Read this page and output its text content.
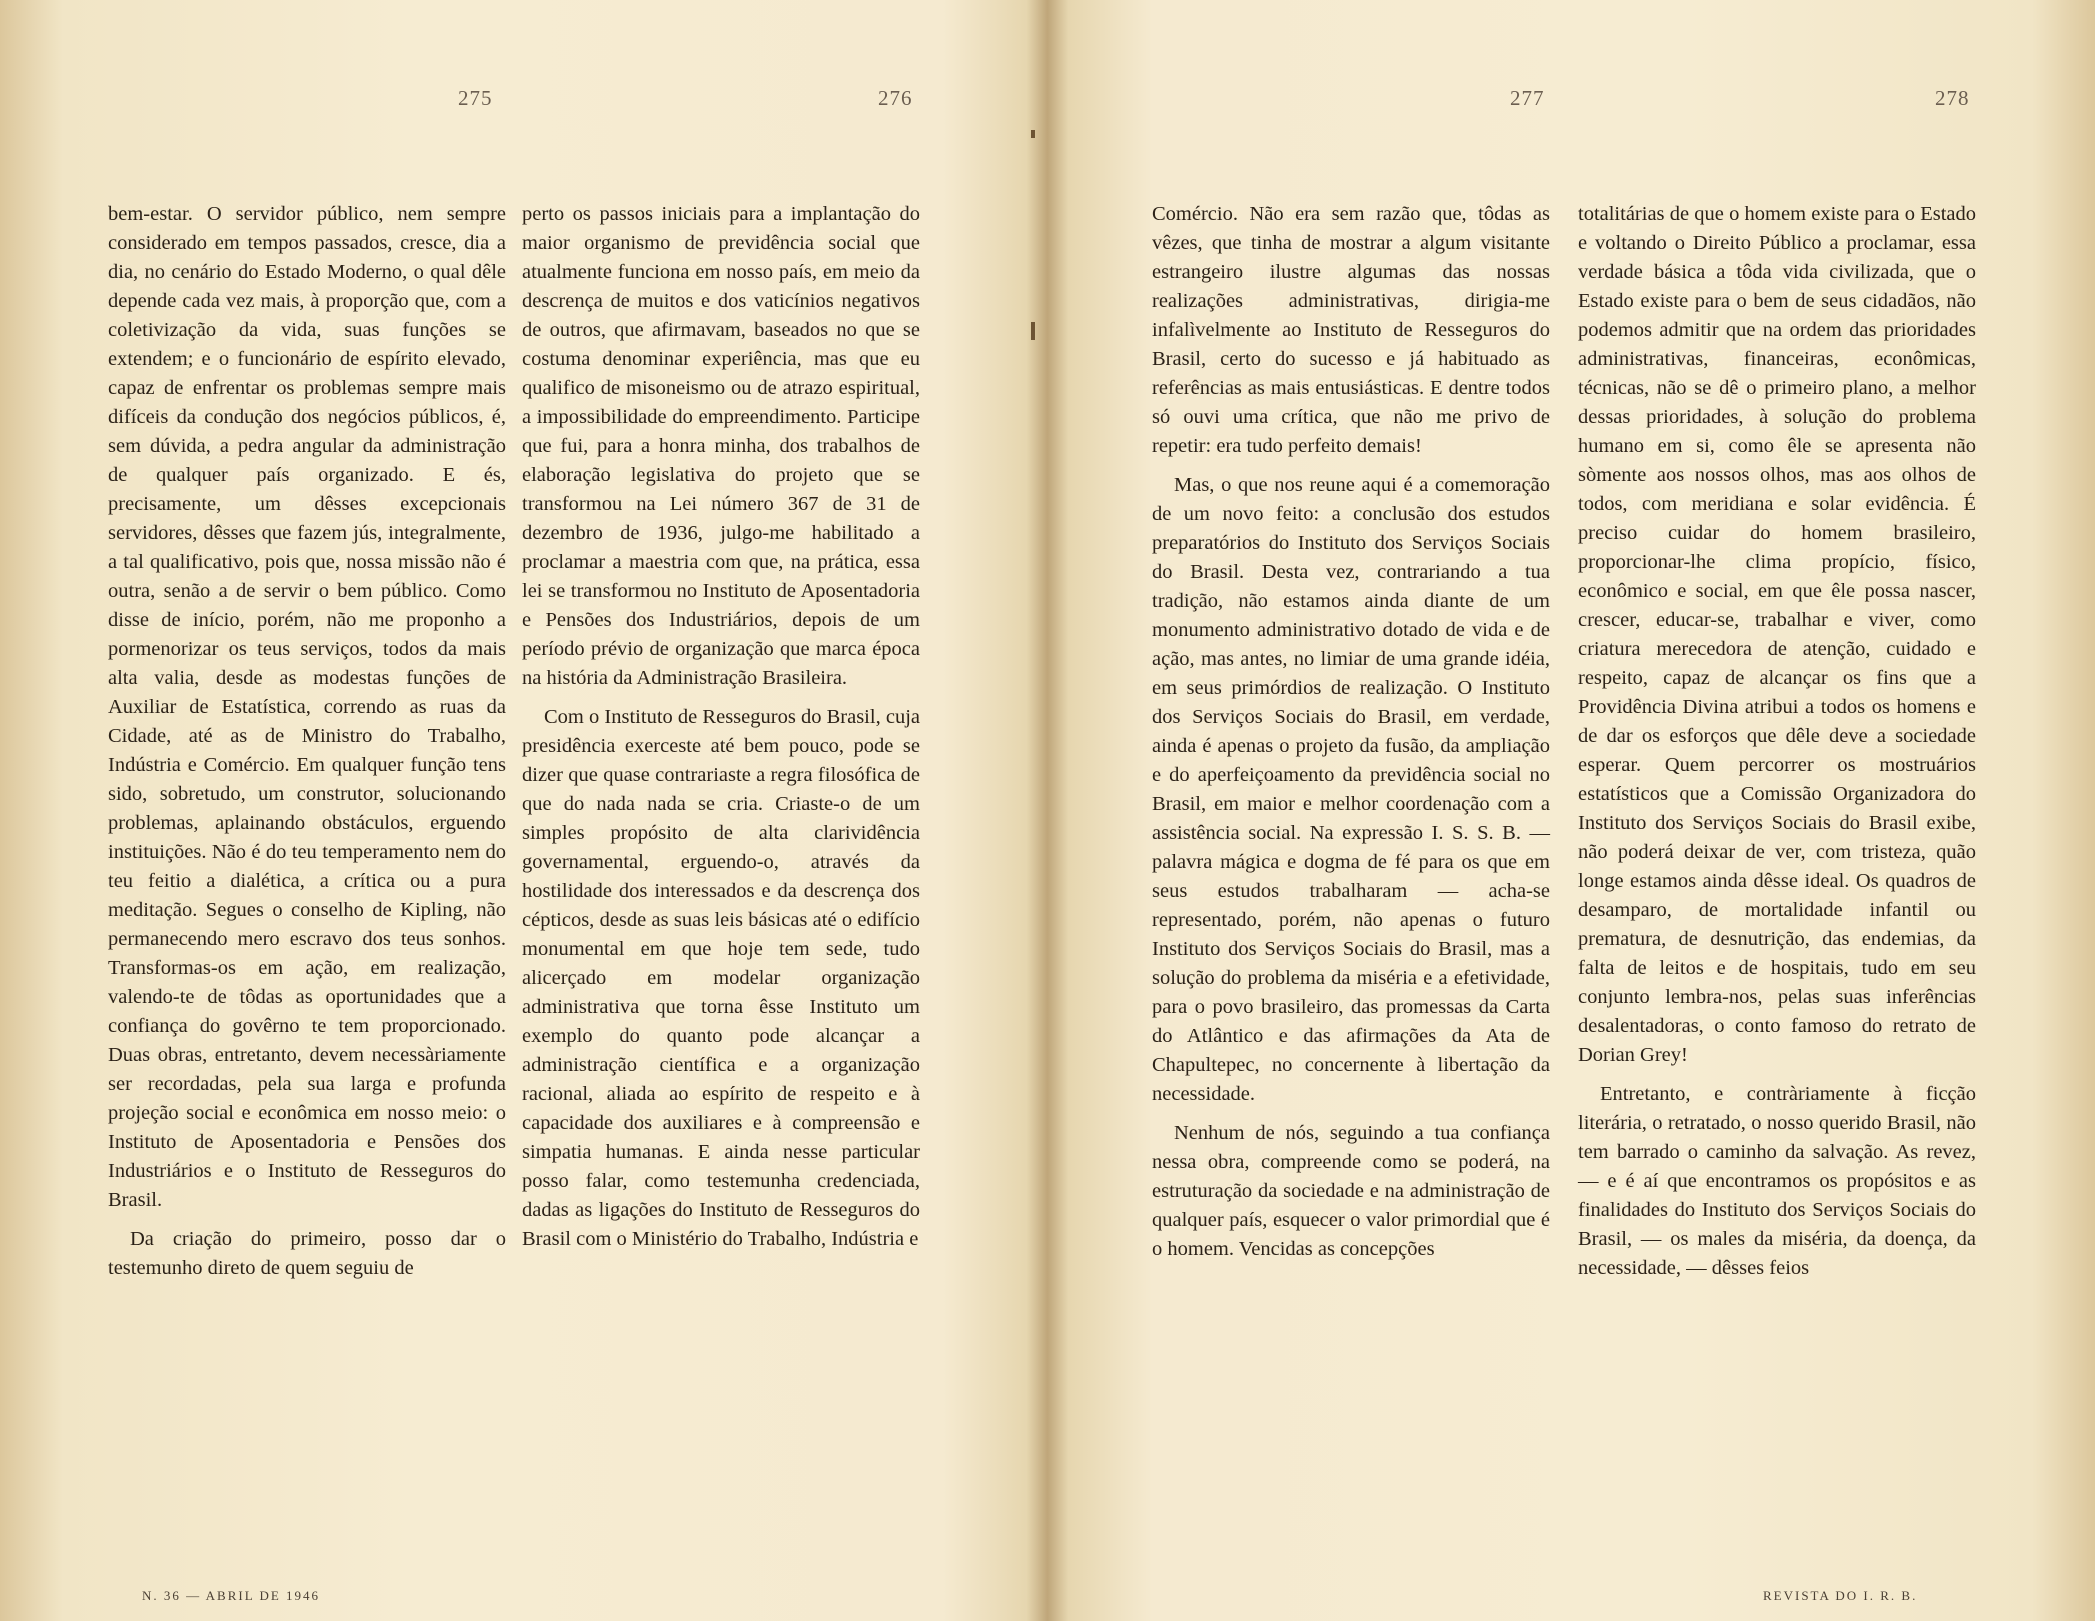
275	276

bem-estar. O servidor público, nem sempre considerado em tempos passados, cresce, dia a dia, no cenário do Estado Moderno, o qual dêle depende cada vez mais, à proporção que, com a coletivização da vida, suas funções se extendem; e o funcionário de espírito elevado, capaz de enfrentar os problemas sempre mais difíceis da condução dos negócios públicos, é, sem dúvida, a pedra angular da administração de qualquer país organizado. E és, precisamente, um dêsses excepcionais servidores, dêsses que fazem jús, integralmente, a tal qualificativo, pois que, nossa missão não é outra, senão a de servir o bem público. Como disse de início, porém, não me proponho a pormenorizar os teus serviços, todos da mais alta valia, desde as modestas funções de Auxiliar de Estatística, correndo as ruas da Cidade, até as de Ministro do Trabalho, Indústria e Comércio. Em qualquer função tens sido, sobretudo, um construtor, solucionando problemas, aplainando obstáculos, erguendo instituições. Não é do teu temperamento nem do teu feitio a dialética, a crítica ou a pura meditação. Segues o conselho de Kipling, não permanecendo mero escravo dos teus sonhos. Transformas-os em ação, em realização, valendo-te de tôdas as oportunidades que a confiança do govêrno te tem proporcionado. Duas obras, entretanto, devem necessàriamente ser recordadas, pela sua larga e profunda projeção social e econômica em nosso meio: o Instituto de Aposentadoria e Pensões dos Industriários e o Instituto de Resseguros do Brasil.

Da criação do primeiro, posso dar o testemunho direto de quem seguiu de

perto os passos iniciais para a implantação do maior organismo de previdência social que atualmente funciona em nosso país, em meio da descrença de muitos e dos vaticínios negativos de outros, que afirmavam, baseados no que se costuma denominar experiência, mas que eu qualifico de misoneismo ou de atrazo espiritual, a impossibilidade do empreendimento. Participe que fui, para a honra minha, dos trabalhos de elaboração legislativa do projeto que se transformou na Lei número 367 de 31 de dezembro de 1936, julgo-me habilitado a proclamar a maestria com que, na prática, essa lei se transformou no Instituto de Aposentadoria e Pensões dos Industriários, depois de um período prévio de organização que marca época na história da Administração Brasileira.

Com o Instituto de Resseguros do Brasil, cuja presidência exerceste até bem pouco, pode se dizer que quase contrariaste a regra filosófica de que do nada nada se cria. Criaste-o de um simples propósito de alta clarividência governamental, erguendo-o, através da hostilidade dos interessados e da descrença dos cépticos, desde as suas leis básicas até o edifício monumental em que hoje tem sede, tudo alicerçado em modelar organização administrativa que torna êsse Instituto um exemplo do quanto pode alcançar a administração científica e a organização racional, aliada ao espírito de respeito e à capacidade dos auxiliares e à compreensão e simpatia humanas. E ainda nesse particular posso falar, como testemunha credenciada, dadas as ligações do Instituto de Resseguros do Brasil com o Ministério do Trabalho, Indústria e

N. 36 — ABRIL DE 1946
277	278

Comércio. Não era sem razão que, tôdas as vêzes, que tinha de mostrar a algum visitante estrangeiro ilustre algumas das nossas realizações administrativas, dirigia-me infalìvelmente ao Instituto de Resseguros do Brasil, certo do sucesso e já habituado as referências as mais entusiásticas. E dentre todos só ouvi uma crítica, que não me privo de repetir: era tudo perfeito demais!

Mas, o que nos reune aqui é a comemoração de um novo feito: a conclusão dos estudos preparatórios do Instituto dos Serviços Sociais do Brasil. Desta vez, contrariando a tua tradição, não estamos ainda diante de um monumento administrativo dotado de vida e de ação, mas antes, no limiar de uma grande idéia, em seus primórdios de realização. O Instituto dos Serviços Sociais do Brasil, em verdade, ainda é apenas o projeto da fusão, da ampliação e do aperfeiçoamento da previdência social no Brasil, em maior e melhor coordenação com a assistência social. Na expressão I. S. S. B. — palavra mágica e dogma de fé para os que em seus estudos trabalharam — acha-se representado, porém, não apenas o futuro Instituto dos Serviços Sociais do Brasil, mas a solução do problema da miséria e a efetividade, para o povo brasileiro, das promessas da Carta do Atlântico e das afirmações da Ata de Chapultepec, no concernente à libertação da necessidade.

Nenhum de nós, seguindo a tua confiança nessa obra, compreende como se poderá, na estruturação da sociedade e na administração de qualquer país, esquecer o valor primordial que é o homem. Vencidas as concepções

totalitárias de que o homem existe para o Estado e voltando o Direito Público a proclamar, essa verdade básica a tôda vida civilizada, que o Estado existe para o bem de seus cidadãos, não podemos admitir que na ordem das prioridades administrativas, financeiras, econômicas, técnicas, não se dê o primeiro plano, a melhor dessas prioridades, à solução do problema humano em si, como êle se apresenta não sòmente aos nossos olhos, mas aos olhos de todos, com meridiana e solar evidência. É preciso cuidar do homem brasileiro, proporcionar-lhe clima propício, físico, econômico e social, em que êle possa nascer, crescer, educar-se, trabalhar e viver, como criatura merecedora de atenção, cuidado e respeito, capaz de alcançar os fins que a Providência Divina atribui a todos os homens e de dar os esforços que dêle deve a sociedade esperar. Quem percorrer os mostruários estatísticos que a Comissão Organizadora do Instituto dos Serviços Sociais do Brasil exibe, não poderá deixar de ver, com tristeza, quão longe estamos ainda dêsse ideal. Os quadros de desamparo, de mortalidade infantil ou prematura, de desnutrição, das endemias, da falta de leitos e de hospitais, tudo em seu conjunto lembra-nos, pelas suas inferências desalentadoras, o conto famoso do retrato de Dorian Grey!

Entretanto, e contràriamente à ficção literária, o retratado, o nosso querido Brasil, não tem barrado o caminho da salvação. As revez, — e é aí que encontramos os propósitos e as finalidades do Instituto dos Serviços Sociais do Brasil, — os males da miséria, da doença, da necessidade, — dêsses feios

REVISTA DO I. R. B.
